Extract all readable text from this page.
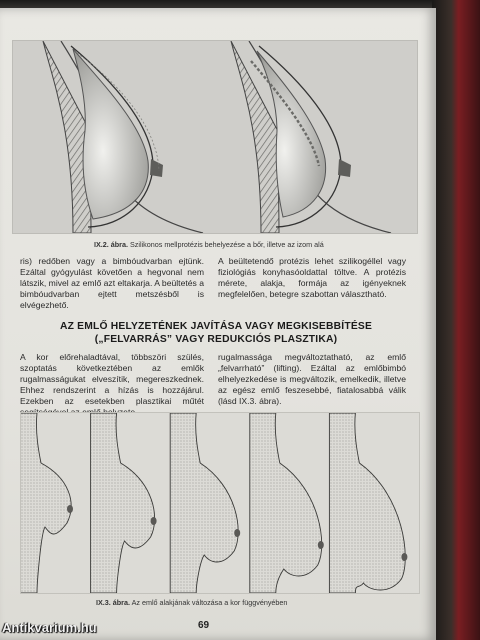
IX.2. ábra. Szilikonos mellprotézis behelyezése a bőr, illetve az izom alá

ris) redőben vagy a bimbóudvarban ejtünk. Ezáltal gyógyulást követően a hegvonal nem látszik, mivel az emlő azt eltakarja. A beültetés a bimbóudvarban ejtett metszésből is elvégezhető.

A beültetendő protézis lehet szilikogéllel vagy fiziológiás konyhasóoldattal töltve. A protézis mérete, alakja, formája az igényeknek megfelelően, betegre szabottan választható.

AZ EMLŐ HELYZETÉNEK JAVÍTÁSA VAGY MEGKISEBBÍTÉSE
(„FELVARRÁS” VAGY REDUKCIÓS PLASZTIKA)

A kor előrehaladtával, többszöri szülés, szoptatás következtében az emlők rugalmasságukat elveszítik, megereszkednek. Ehhez rendszerint a hízás is hozzájárul. Ezekben az esetekben plasztikai műtét

rugalmassága megváltoztatható, az emlő „felvarrható” (lifting). Ezáltal az emlőbimbó elhelyezkedése is megváltozik, emelkedik, illetve az egész emlő feszesebbé, fiatalosabbá válik (lásd IX.3. ábra).

IX.3. ábra. Az emlő alakjának változása a kor függvényében
69
Antikvarium.hu
